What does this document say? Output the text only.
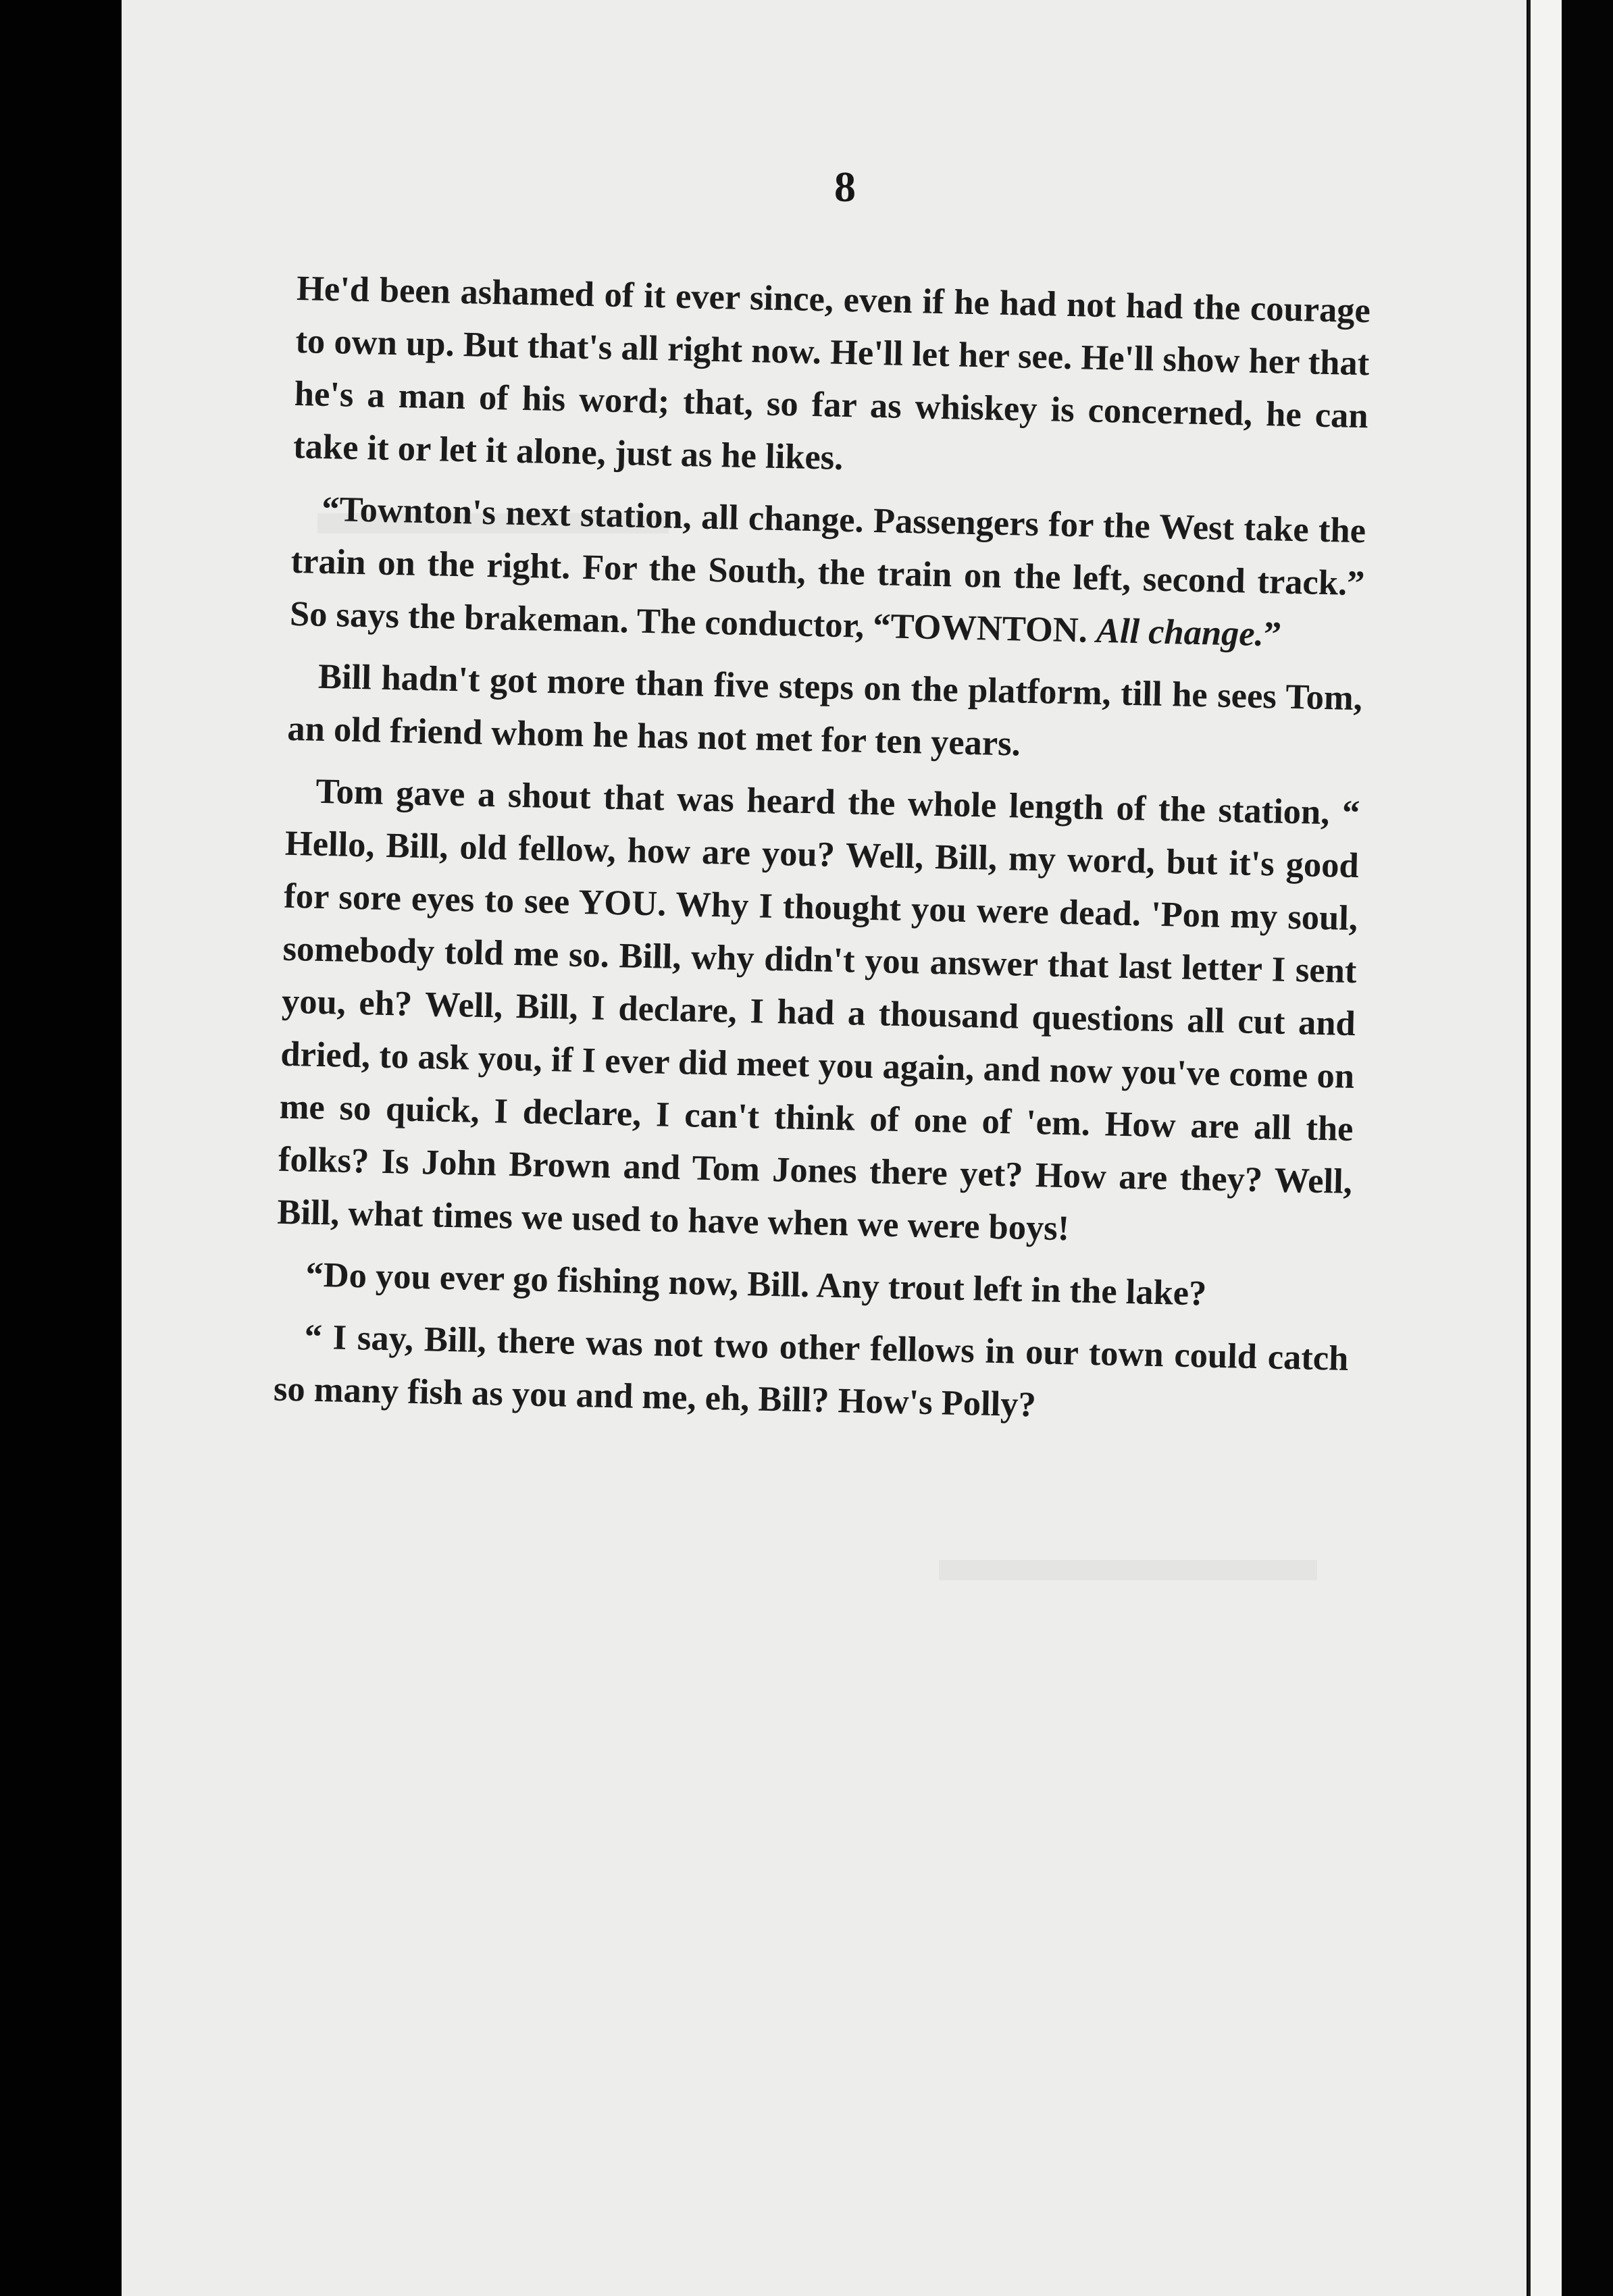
8

He'd been ashamed of it ever since, even if he had not had the courage to own up. But that's all right now. He'll let her see. He'll show her that he's a man of his word; that, so far as whiskey is concerned, he can take it or let it alone, just as he likes.

“Townton's next station, all change. Passengers for the West take the train on the right. For the South, the train on the left, second track.” So says the brakeman. The conductor, “TOWNTON. All change.”

Bill hadn't got more than five steps on the platform, till he sees Tom, an old friend whom he has not met for ten years.

Tom gave a shout that was heard the whole length of the station, “ Hello, Bill, old fellow, how are you? Well, Bill, my word, but it's good for sore eyes to see YOU. Why I thought you were dead. 'Pon my soul, somebody told me so. Bill, why didn't you answer that last letter I sent you, eh? Well, Bill, I declare, I had a thousand questions all cut and dried, to ask you, if I ever did meet you again, and now you've come on me so quick, I declare, I can't think of one of 'em. How are all the folks? Is John Brown and Tom Jones there yet? How are they? Well, Bill, what times we used to have when we were boys!

“Do you ever go fishing now, Bill. Any trout left in the lake?

“ I say, Bill, there was not two other fellows in our town could catch so many fish as you and me, eh, Bill? How's Polly?
